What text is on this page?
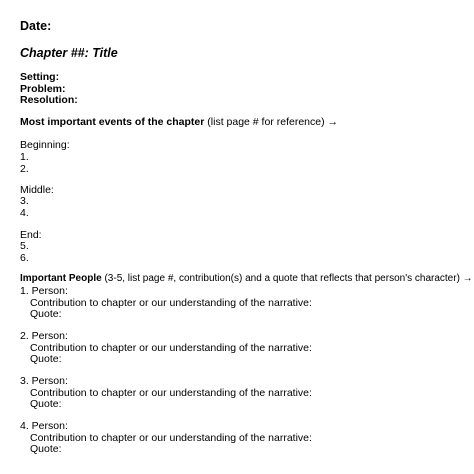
Date:
Chapter ##: Title
Setting:
Problem:
Resolution:
Most important events of the chapter (list page # for reference) →
Beginning:
1.
2.
Middle:
3.
4.
End:
5.
6.
Important People (3-5, list page #, contribution(s) and a quote that reflects that person's character) →
1. Person:
Contribution to chapter or our understanding of the narrative:
Quote:
2. Person:
Contribution to chapter or our understanding of the narrative:
Quote:
3. Person:
Contribution to chapter or our understanding of the narrative:
Quote:
4. Person:
Contribution to chapter or our understanding of the narrative:
Quote:
